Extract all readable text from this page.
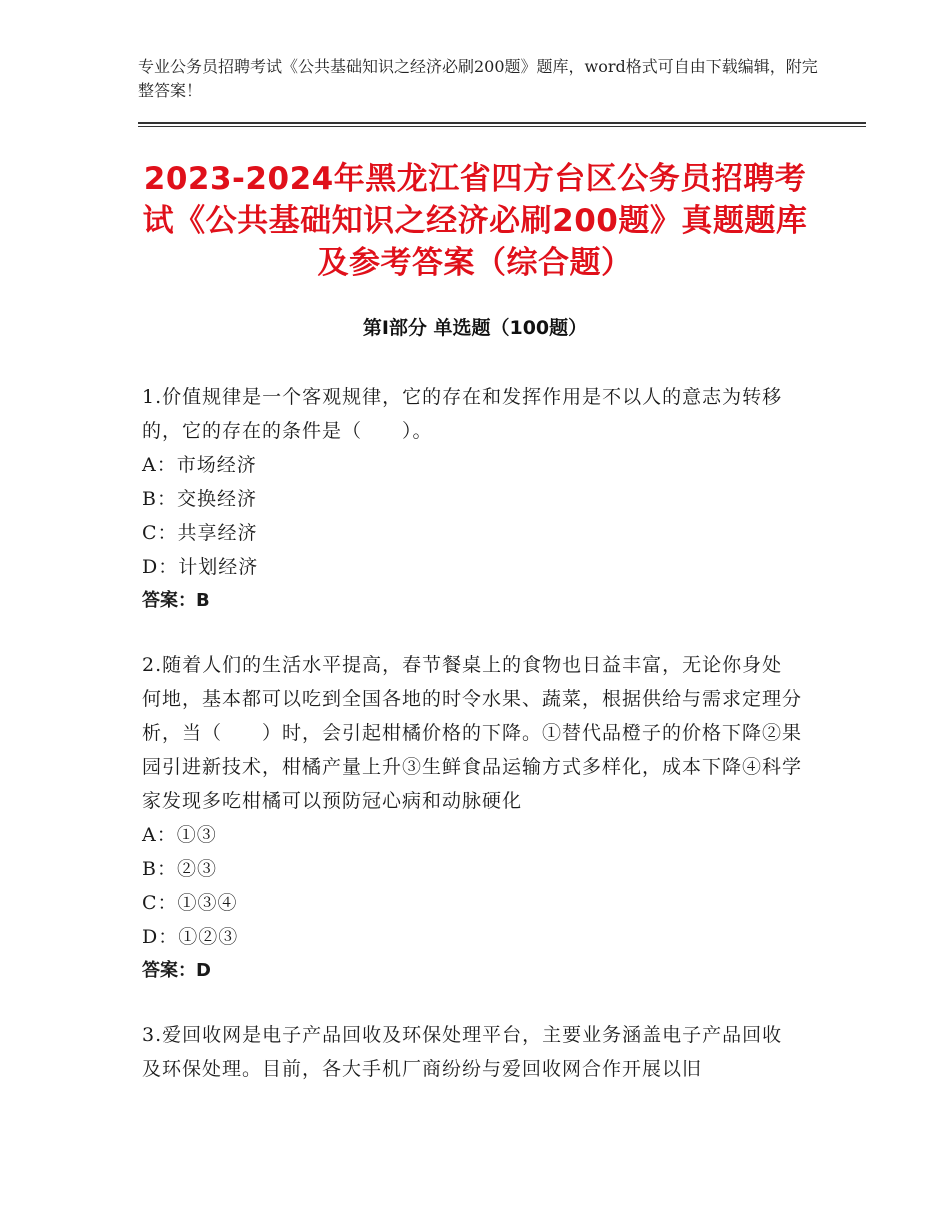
专业公务员招聘考试《公共基础知识之经济必刷200题》题库，word格式可自由下载编辑，附完整答案！
2023-2024年黑龙江省四方台区公务员招聘考试《公共基础知识之经济必刷200题》真题题库及参考答案（综合题）
第Ⅰ部分 单选题（100题）

1.价值规律是一个客观规律，它的存在和发挥作用是不以人的意志为转移的，它的存在的条件是（　　）。

A：市场经济

B：交换经济

C：共享经济

D：计划经济

答案：B

2.随着人们的生活水平提高，春节餐桌上的食物也日益丰富，无论你身处何地，基本都可以吃到全国各地的时令水果、蔬菜，根据供给与需求定理分析，当（　　）时，会引起柑橘价格的下降。①替代品橙子的价格下降②果园引进新技术，柑橘产量上升③生鲜食品运输方式多样化，成本下降④科学家发现多吃柑橘可以预防冠心病和动脉硬化

A：①③

B：②③

C：①③④

D：①②③

答案：D

3.爱回收网是电子产品回收及环保处理平台，主要业务涵盖电子产品回收及环保处理。目前，各大手机厂商纷纷与爱回收网合作开展以旧
